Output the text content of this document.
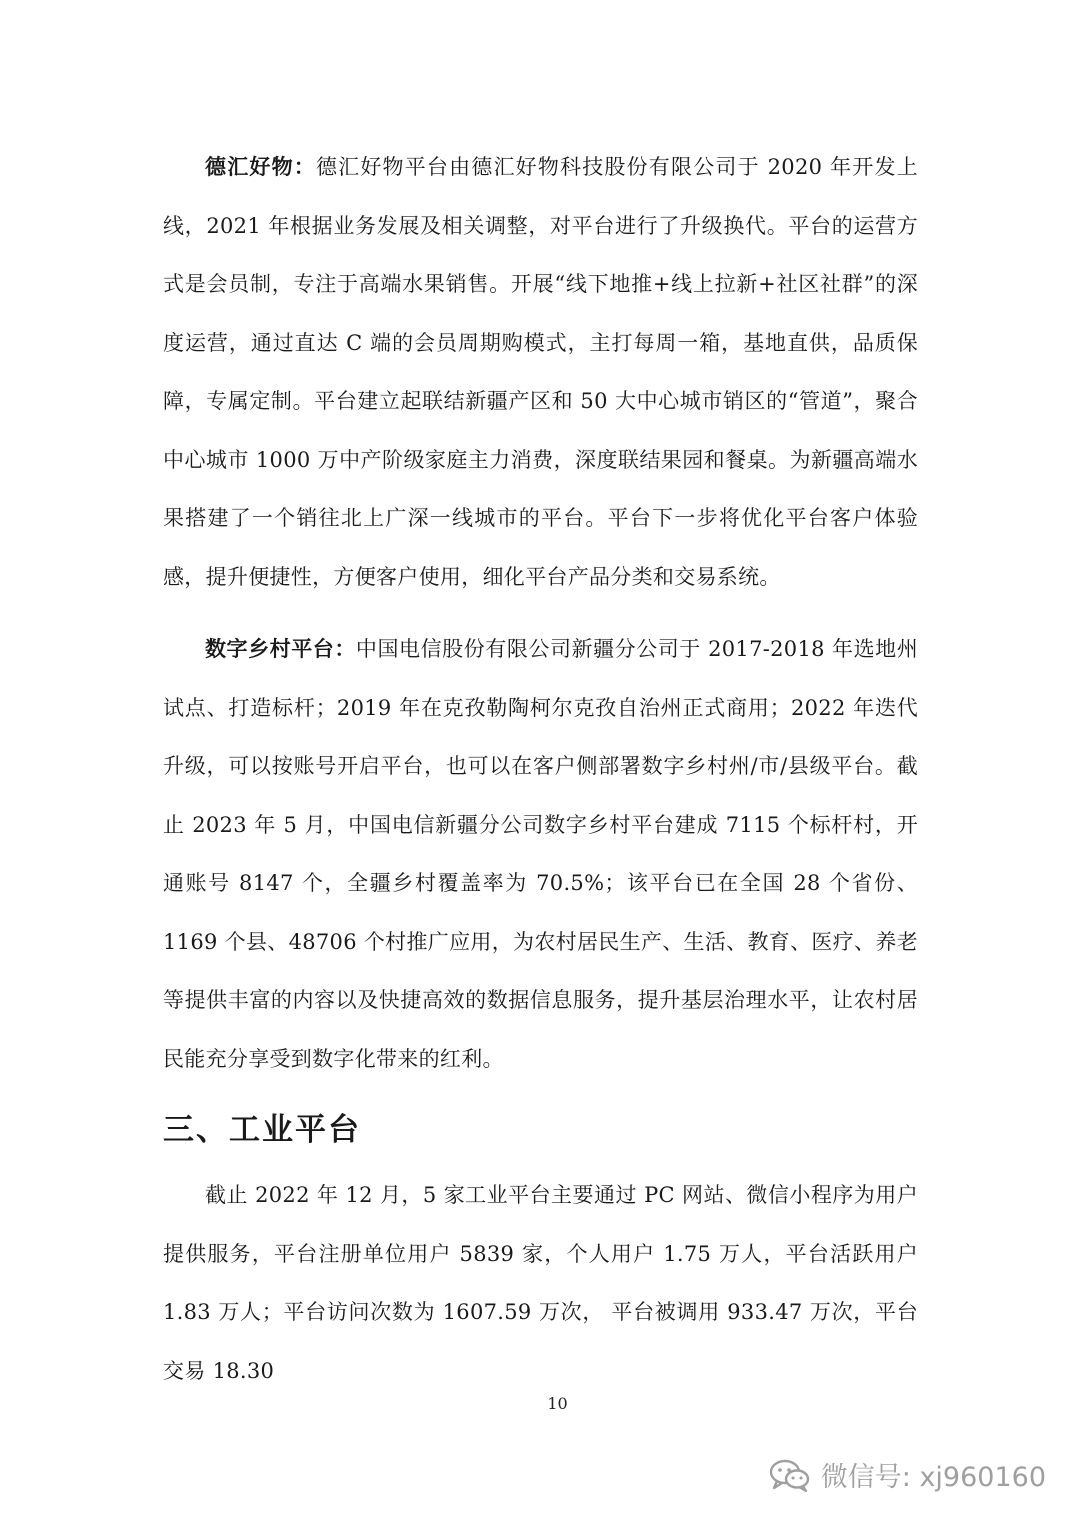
德汇好物：德汇好物平台由德汇好物科技股份有限公司于 2020 年开发上线，2021 年根据业务发展及相关调整，对平台进行了升级换代。平台的运营方式是会员制，专注于高端水果销售。开展“线下地推+线上拉新+社区社群”的深度运营，通过直达 C 端的会员周期购模式，主打每周一箱，基地直供，品质保障，专属定制。平台建立起联结新疆产区和 50 大中心城市销区的“管道”，聚合中心城市 1000 万中产阶级家庭主力消费，深度联结果园和餐桌。为新疆高端水果搭建了一个销往北上广深一线城市的平台。平台下一步将优化平台客户体验感，提升便捷性，方便客户使用，细化平台产品分类和交易系统。

数字乡村平台：中国电信股份有限公司新疆分公司于 2017-2018 年选地州试点、打造标杆；2019 年在克孜勒陶柯尔克孜自治州正式商用；2022 年迭代升级，可以按账号开启平台，也可以在客户侧部署数字乡村州/市/县级平台。截止 2023 年 5 月，中国电信新疆分公司数字乡村平台建成 7115 个标杆村，开通账号 8147 个，全疆乡村覆盖率为 70.5%；该平台已在全国 28 个省份、1169 个县、48706 个村推广应用，为农村居民生产、生活、教育、医疗、养老等提供丰富的内容以及快捷高效的数据信息服务，提升基层治理水平，让农村居民能充分享受到数字化带来的红利。

三、工业平台

截止 2022 年 12 月，5 家工业平台主要通过 PC 网站、微信小程序为用户提供服务，平台注册单位用户 5839 家，个人用户 1.75 万人，平台活跃用户 1.83 万人；平台访问次数为 1607.59 万次， 平台被调用 933.47 万次，平台交易 18.30

10
微信号: xj960160
